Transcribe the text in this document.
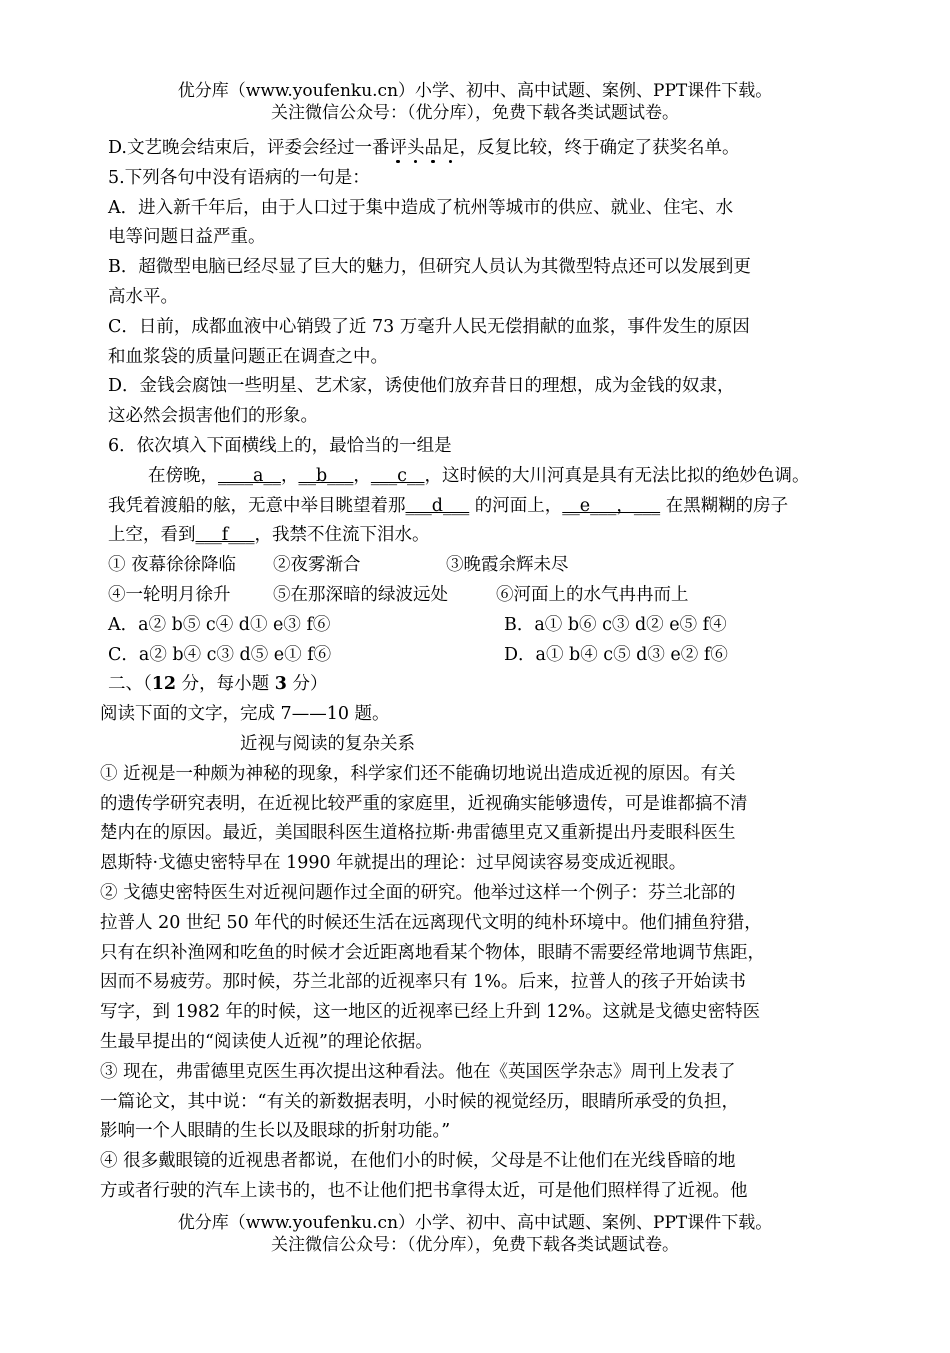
优分库（www.youfenku.cn）小学、初中、高中试题、案例、PPT课件下载。
关注微信公众号：（优分库），免费下载各类试题试卷。
D.文艺晚会结束后，评委会经过一番评头品足，反复比较，终于确定了获奖名单。
5.下列各句中没有语病的一句是：
A．进入新千年后，由于人口过于集中造成了杭州等城市的供应、就业、住宅、水
电等问题日益严重。
B．超微型电脑已经尽显了巨大的魅力，但研究人员认为其微型特点还可以发展到更
高水平。
C．日前，成都血液中心销毁了近 73 万毫升人民无偿捐献的血浆，事件发生的原因
和血浆袋的质量问题正在调查之中。
D．金钱会腐蚀一些明星、艺术家，诱使他们放弃昔日的理想，成为金钱的奴隶，
这必然会损害他们的形象。
6．依次填入下面横线上的，最恰当的一组是
在傍晚，____a__，__b___，___c__，这时候的大川河真是具有无法比拟的绝妙色调。
我凭着渡船的舷，无意中举目眺望着那___d___ 的河面上，__e___，___ 在黑糊糊的房子
上空，看到___f___，我禁不住流下泪水。
① 夜幕徐徐降临 ②夜雾渐合	③晚霞余辉未尽
④一轮明月徐升 ⑤在那深暗的绿波远处	⑥河面上的水气冉冉而上
A．a② b⑤ c④ d① e③ f⑥	B．a① b⑥ c③ d② e⑤ f④
C．a② b④ c③ d⑤ e① f⑥	D．a① b④ c⑤ d③ e② f⑥
二、（12 分，每小题 3 分）
阅读下面的文字，完成 7——10 题。
近视与阅读的复杂关系
① 近视是一种颇为神秘的现象，科学家们还不能确切地说出造成近视的原因。有关
的遗传学研究表明，在近视比较严重的家庭里，近视确实能够遗传，可是谁都搞不清
楚内在的原因。最近，美国眼科医生道格拉斯·弗雷德里克又重新提出丹麦眼科医生
恩斯特·戈德史密特早在 1990 年就提出的理论：过早阅读容易变成近视眼。
② 戈德史密特医生对近视问题作过全面的研究。他举过这样一个例子：芬兰北部的
拉普人 20 世纪 50 年代的时候还生活在远离现代文明的纯朴环境中。他们捕鱼狩猎，
只有在织补渔网和吃鱼的时候才会近距离地看某个物体，眼睛不需要经常地调节焦距，
因而不易疲劳。那时候，芬兰北部的近视率只有 1%。后来，拉普人的孩子开始读书
写字，到 1982 年的时候，这一地区的近视率已经上升到 12%。这就是戈德史密特医
生最早提出的“阅读使人近视”的理论依据。
③ 现在，弗雷德里克医生再次提出这种看法。他在《英国医学杂志》周刊上发表了
一篇论文，其中说：“有关的新数据表明，小时候的视觉经历，眼睛所承受的负担，
影响一个人眼睛的生长以及眼球的折射功能。”
④ 很多戴眼镜的近视患者都说，在他们小的时候，父母是不让他们在光线昏暗的地
方或者行驶的汽车上读书的，也不让他们把书拿得太近，可是他们照样得了近视。他
优分库（www.youfenku.cn）小学、初中、高中试题、案例、PPT课件下载。
关注微信公众号：（优分库），免费下载各类试题试卷。
